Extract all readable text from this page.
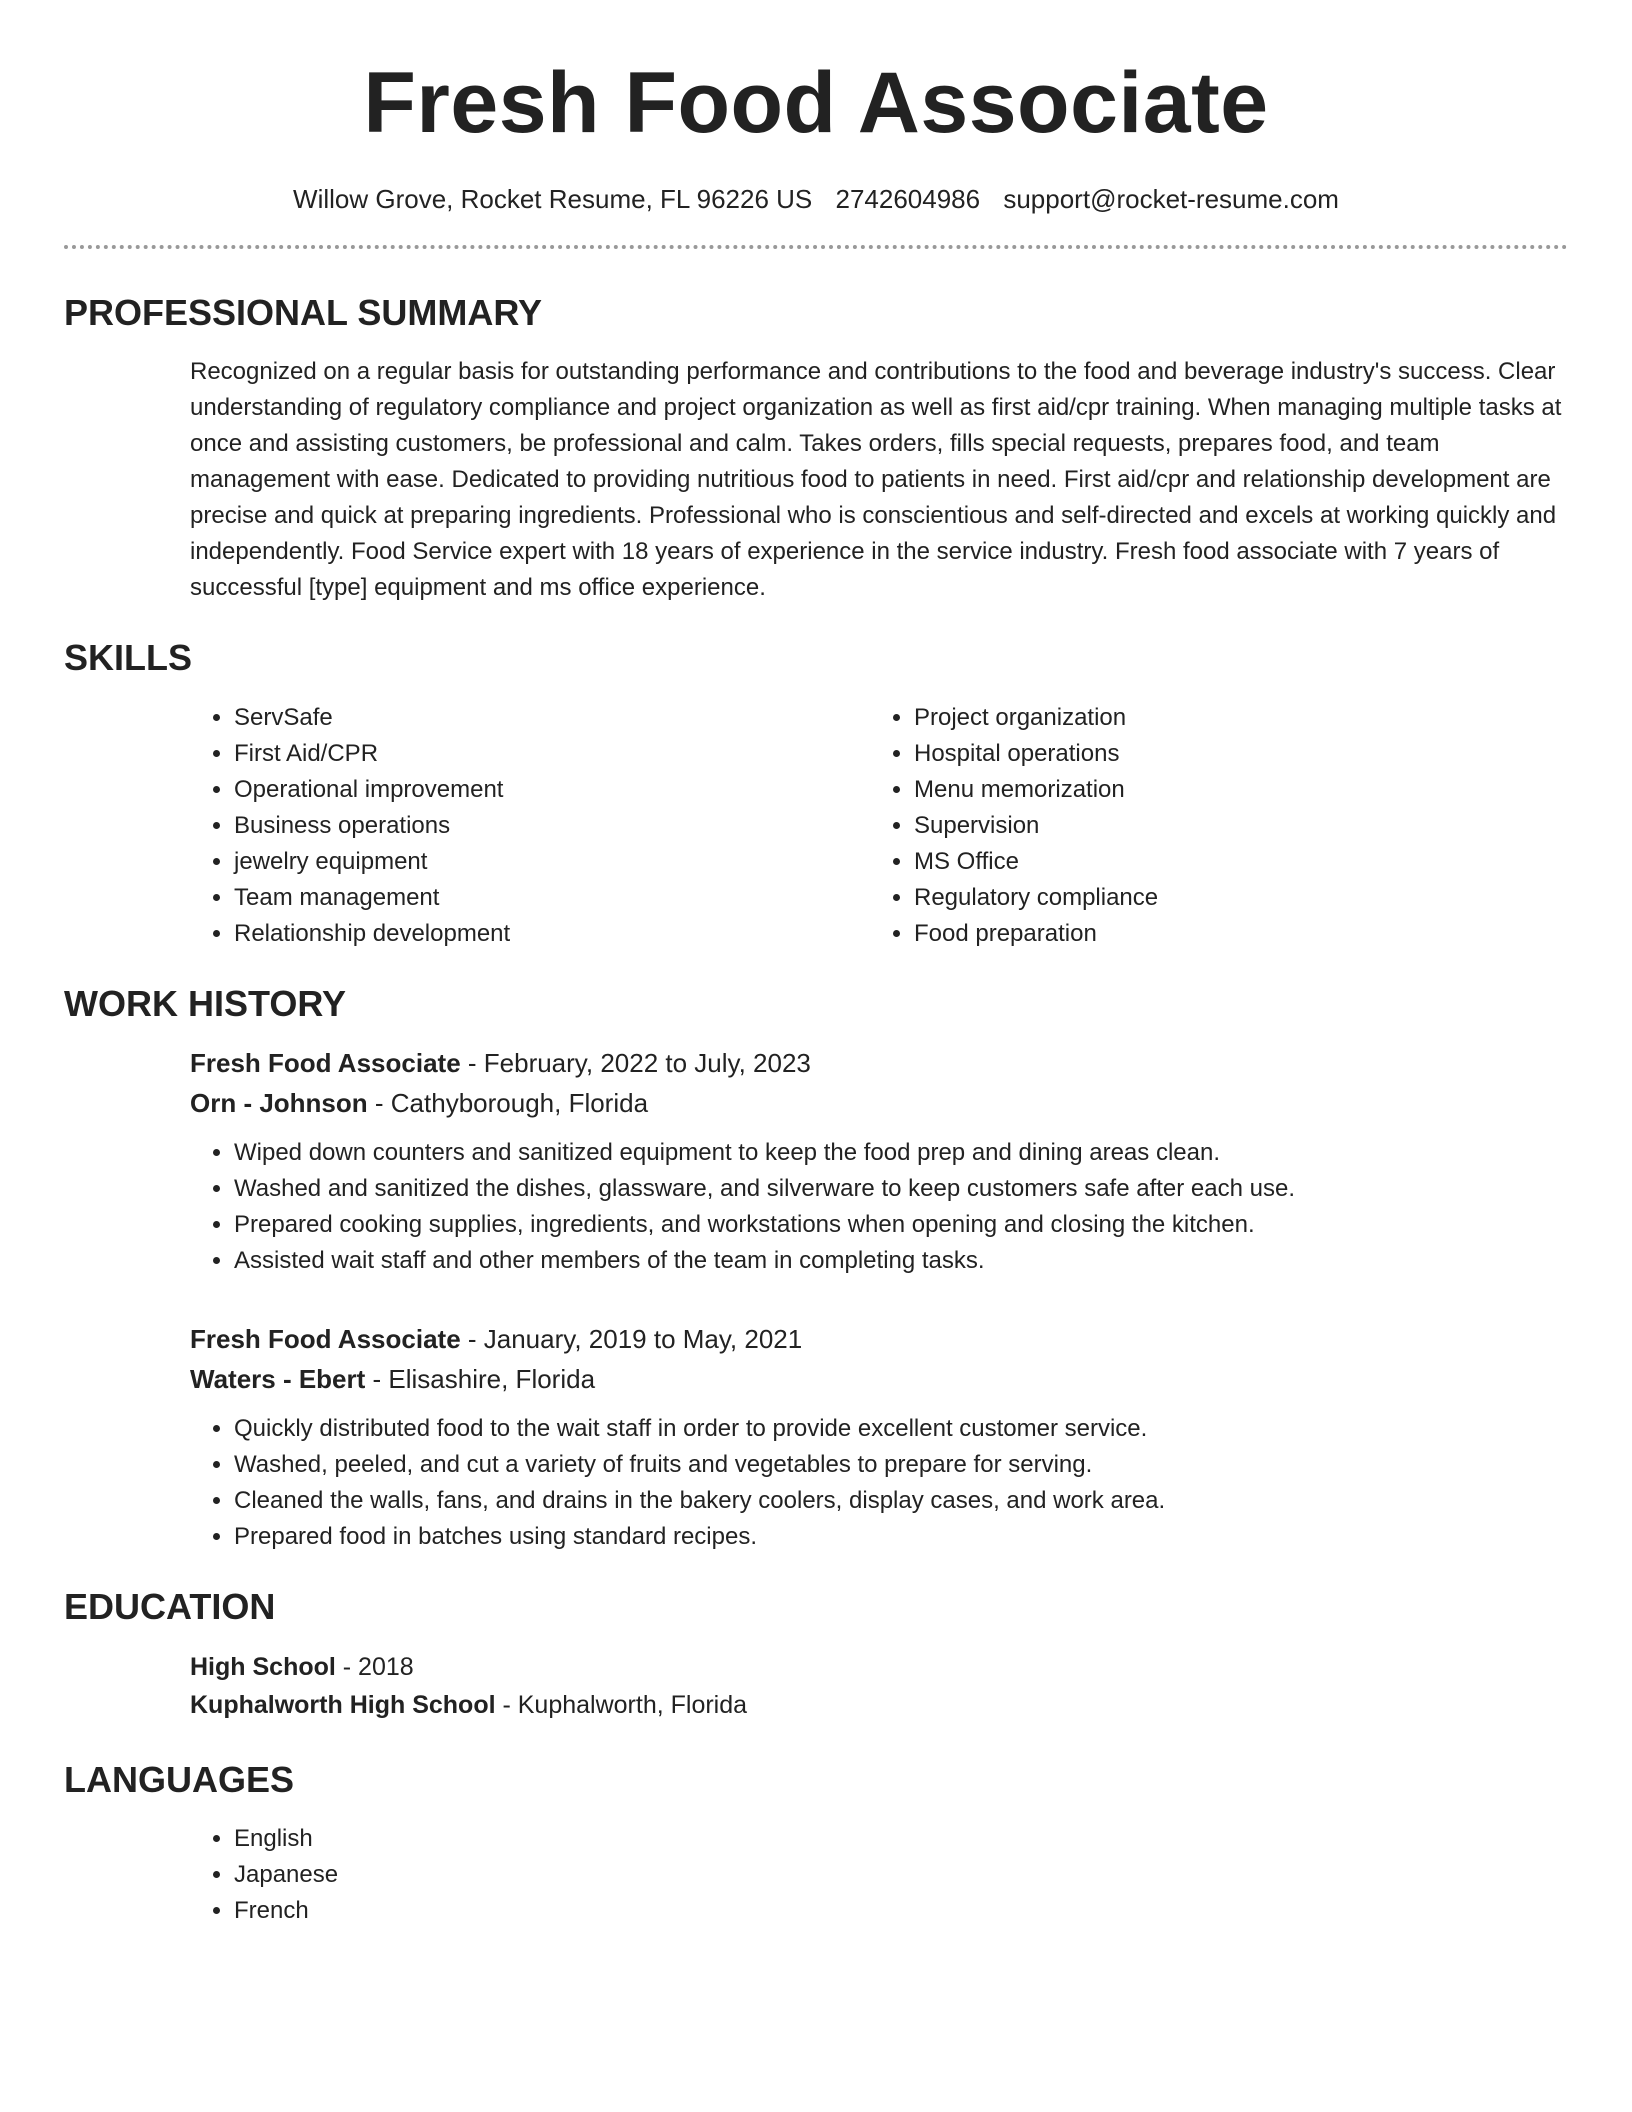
Fresh Food Associate
Willow Grove, Rocket Resume, FL 96226 US 2742604986 support@rocket-resume.com
PROFESSIONAL SUMMARY
Recognized on a regular basis for outstanding performance and contributions to the food and beverage industry's success. Clear understanding of regulatory compliance and project organization as well as first aid/cpr training. When managing multiple tasks at once and assisting customers, be professional and calm. Takes orders, fills special requests, prepares food, and team management with ease. Dedicated to providing nutritious food to patients in need. First aid/cpr and relationship development are precise and quick at preparing ingredients. Professional who is conscientious and self-directed and excels at working quickly and independently. Food Service expert with 18 years of experience in the service industry. Fresh food associate with 7 years of successful [type] equipment and ms office experience.
SKILLS
• ServSafe
• First Aid/CPR
• Operational improvement
• Business operations
• jewelry equipment
• Team management
• Relationship development
• Project organization
• Hospital operations
• Menu memorization
• Supervision
• MS Office
• Regulatory compliance
• Food preparation
WORK HISTORY
Fresh Food Associate - February, 2022 to July, 2023
Orn - Johnson - Cathyborough, Florida
• Wiped down counters and sanitized equipment to keep the food prep and dining areas clean.
• Washed and sanitized the dishes, glassware, and silverware to keep customers safe after each use.
• Prepared cooking supplies, ingredients, and workstations when opening and closing the kitchen.
• Assisted wait staff and other members of the team in completing tasks.
Fresh Food Associate - January, 2019 to May, 2021
Waters - Ebert - Elisashire, Florida
• Quickly distributed food to the wait staff in order to provide excellent customer service.
• Washed, peeled, and cut a variety of fruits and vegetables to prepare for serving.
• Cleaned the walls, fans, and drains in the bakery coolers, display cases, and work area.
• Prepared food in batches using standard recipes.
EDUCATION
High School - 2018
Kuphalworth High School - Kuphalworth, Florida
LANGUAGES
• English
• Japanese
• French
